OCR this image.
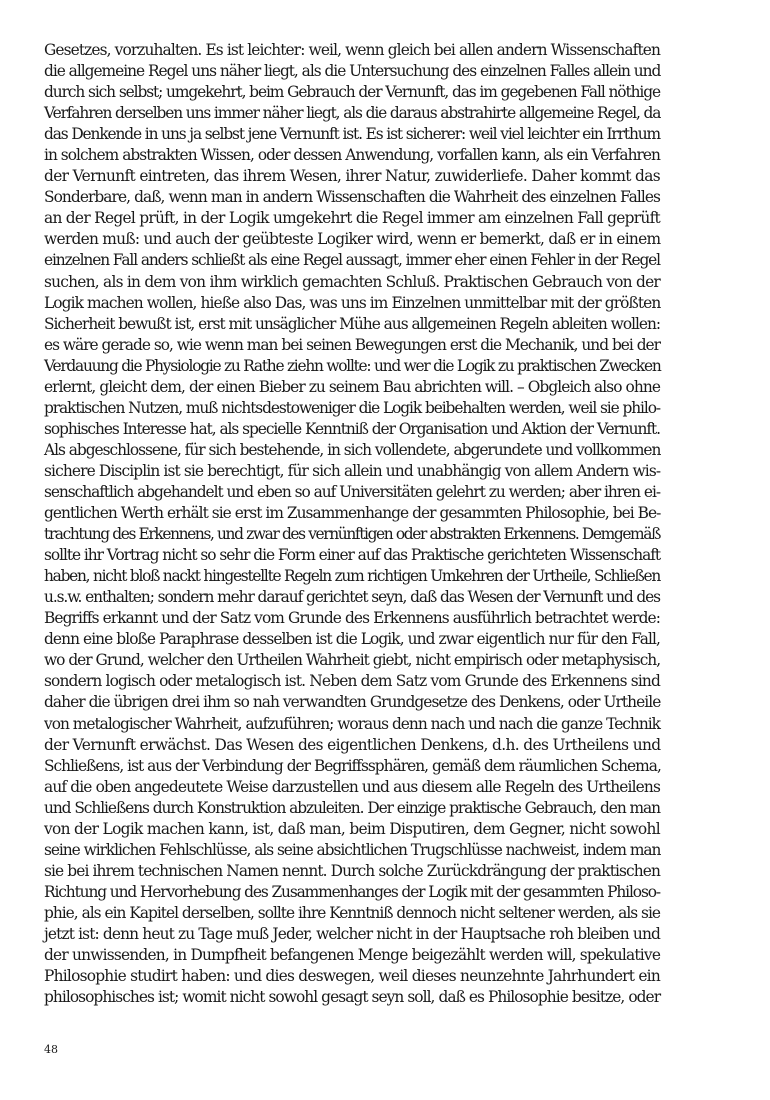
Gesetzes, vorzuhalten. Es ist leichter: weil, wenn gleich bei allen andern Wissenschaften
die allgemeine Regel uns näher liegt, als die Untersuchung des einzelnen Falles allein und
durch sich selbst; umgekehrt, beim Gebrauch der Vernunft, das im gegebenen Fall nöthige
Verfahren derselben uns immer näher liegt, als die daraus abstrahirte allgemeine Regel, da
das Denkende in uns ja selbst jene Vernunft ist. Es ist sicherer: weil viel leichter ein Irrthum
in solchem abstrakten Wissen, oder dessen Anwendung, vorfallen kann, als ein Verfahren
der Vernunft eintreten, das ihrem Wesen, ihrer Natur, zuwiderliefe. Daher kommt das
Sonderbare, daß, wenn man in andern Wissenschaften die Wahrheit des einzelnen Falles
an der Regel prüft, in der Logik umgekehrt die Regel immer am einzelnen Fall geprüft
werden muß: und auch der geübteste Logiker wird, wenn er bemerkt, daß er in einem
einzelnen Fall anders schließt als eine Regel aussagt, immer eher einen Fehler in der Regel
suchen, als in dem von ihm wirklich gemachten Schluß. Praktischen Gebrauch von der
Logik machen wollen, hieße also Das, was uns im Einzelnen unmittelbar mit der größten
Sicherheit bewußt ist, erst mit unsäglicher Mühe aus allgemeinen Regeln ableiten wollen:
es wäre gerade so, wie wenn man bei seinen Bewegungen erst die Mechanik, und bei der
Verdauung die Physiologie zu Rathe ziehn wollte: und wer die Logik zu praktischen Zwecken
erlernt, gleicht dem, der einen Bieber zu seinem Bau abrichten will. – Obgleich also ohne
praktischen Nutzen, muß nichtsdestoweniger die Logik beibehalten werden, weil sie philo-
sophisches Interesse hat, als specielle Kenntniß der Organisation und Aktion der Vernunft.
Als abgeschlossene, für sich bestehende, in sich vollendete, abgerundete und vollkommen
sichere Disciplin ist sie berechtigt, für sich allein und unabhängig von allem Andern wis-
senschaftlich abgehandelt und eben so auf Universitäten gelehrt zu werden; aber ihren ei-
gentlichen Werth erhält sie erst im Zusammenhange der gesammten Philosophie, bei Be-
trachtung des Erkennens, und zwar des vernünftigen oder abstrakten Erkennens. Demgemäß
sollte ihr Vortrag nicht so sehr die Form einer auf das Praktische gerichteten Wissenschaft
haben, nicht bloß nackt hingestellte Regeln zum richtigen Umkehren der Urtheile, Schließen
u.s.w. enthalten; sondern mehr darauf gerichtet seyn, daß das Wesen der Vernunft und des
Begriffs erkannt und der Satz vom Grunde des Erkennens ausführlich betrachtet werde:
denn eine bloße Paraphrase desselben ist die Logik, und zwar eigentlich nur für den Fall,
wo der Grund, welcher den Urtheilen Wahrheit giebt, nicht empirisch oder metaphysisch,
sondern logisch oder metalogisch ist. Neben dem Satz vom Grunde des Erkennens sind
daher die übrigen drei ihm so nah verwandten Grundgesetze des Denkens, oder Urtheile
von metalogischer Wahrheit, aufzuführen; woraus denn nach und nach die ganze Technik
der Vernunft erwächst. Das Wesen des eigentlichen Denkens, d.h. des Urtheilens und
Schließens, ist aus der Verbindung der Begriffssphären, gemäß dem räumlichen Schema,
auf die oben angedeutete Weise darzustellen und aus diesem alle Regeln des Urtheilens
und Schließens durch Konstruktion abzuleiten. Der einzige praktische Gebrauch, den man
von der Logik machen kann, ist, daß man, beim Disputiren, dem Gegner, nicht sowohl
seine wirklichen Fehlschlüsse, als seine absichtlichen Trugschlüsse nachweist, indem man
sie bei ihrem technischen Namen nennt. Durch solche Zurückdrängung der praktischen
Richtung und Hervorhebung des Zusammenhanges der Logik mit der gesammten Philoso-
phie, als ein Kapitel derselben, sollte ihre Kenntniß dennoch nicht seltener werden, als sie
jetzt ist: denn heut zu Tage muß Jeder, welcher nicht in der Hauptsache roh bleiben und
der unwissenden, in Dumpfheit befangenen Menge beigezählt werden will, spekulative
Philosophie studirt haben: und dies deswegen, weil dieses neunzehnte Jahrhundert ein
philosophisches ist; womit nicht sowohl gesagt seyn soll, daß es Philosophie besitze, oder
48
